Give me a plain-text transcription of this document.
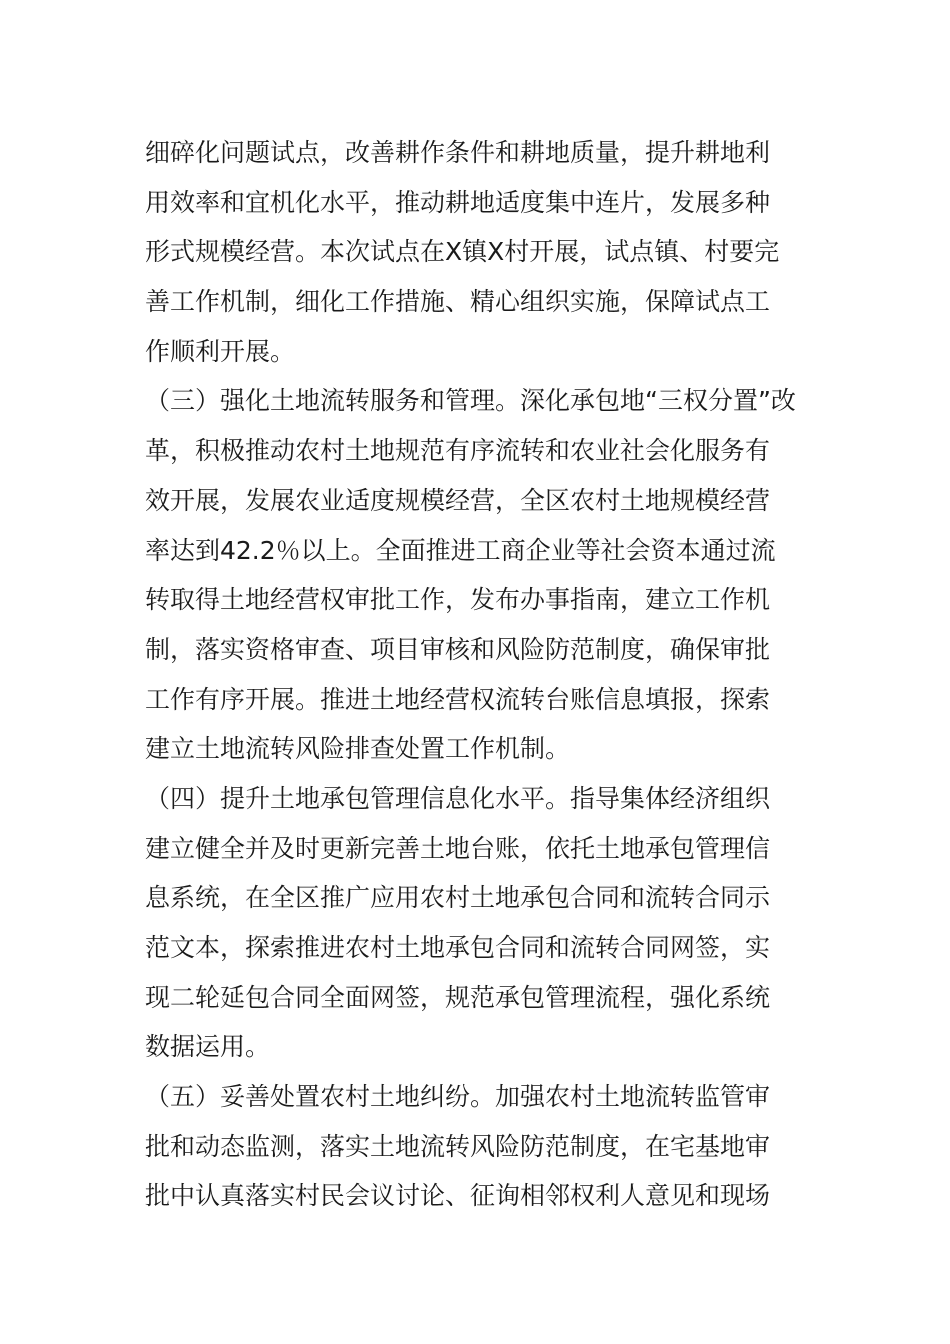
细碎化问题试点，改善耕作条件和耕地质量，提升耕地利
用效率和宜机化水平，推动耕地适度集中连片，发展多种
形式规模经营。本次试点在X镇X村开展，试点镇、村要完
善工作机制，细化工作措施、精心组织实施，保障试点工
作顺利开展。
（三）强化土地流转服务和管理。深化承包地“三权分置”改
革，积极推动农村土地规范有序流转和农业社会化服务有
效开展，发展农业适度规模经营，全区农村土地规模经营
率达到42.2％以上。全面推进工商企业等社会资本通过流
转取得土地经营权审批工作，发布办事指南，建立工作机
制，落实资格审查、项目审核和风险防范制度，确保审批
工作有序开展。推进土地经营权流转台账信息填报，探索
建立土地流转风险排查处置工作机制。
（四）提升土地承包管理信息化水平。指导集体经济组织
建立健全并及时更新完善土地台账，依托土地承包管理信
息系统，在全区推广应用农村土地承包合同和流转合同示
范文本，探索推进农村土地承包合同和流转合同网签，实
现二轮延包合同全面网签，规范承包管理流程，强化系统
数据运用。
（五）妥善处置农村土地纠纷。加强农村土地流转监管审
批和动态监测，落实土地流转风险防范制度，在宅基地审
批中认真落实村民会议讨论、征询相邻权利人意见和现场
